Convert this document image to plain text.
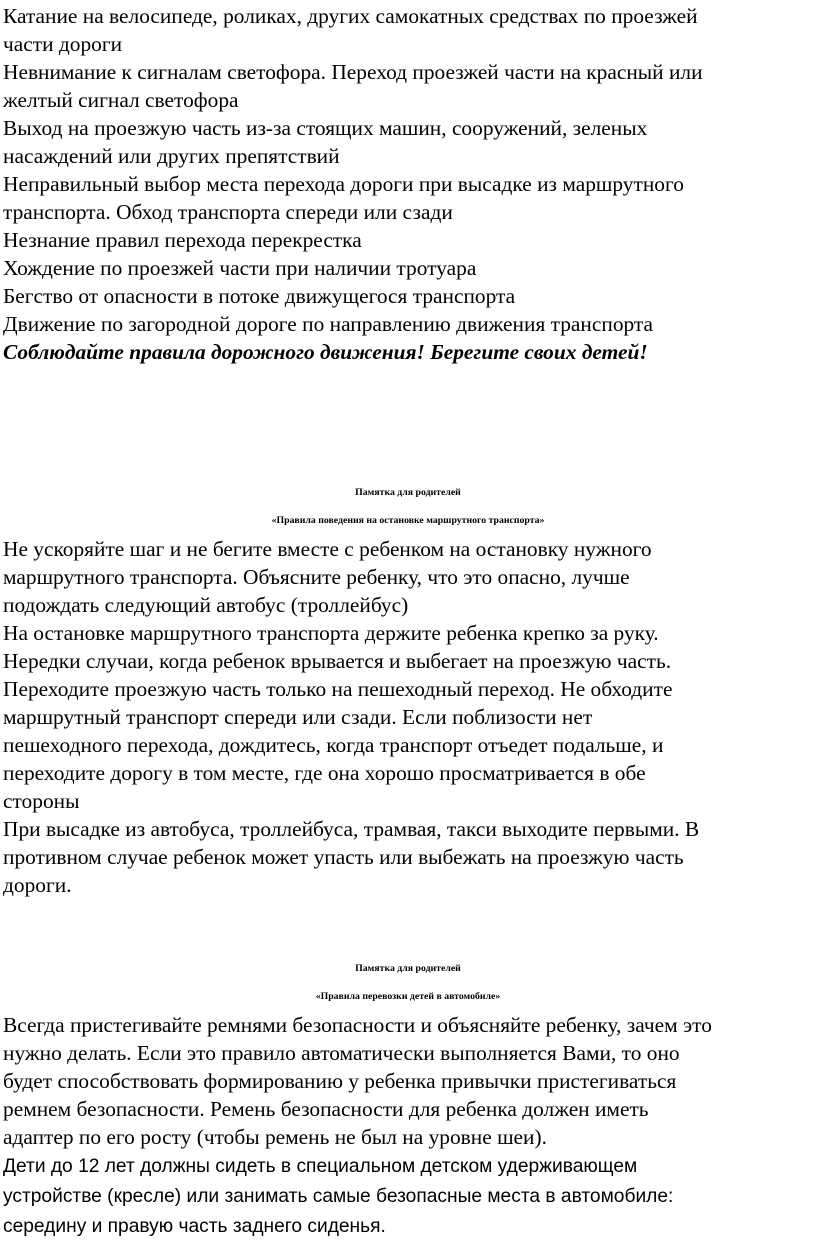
Катание на велосипеде, роликах, других самокатных средствах по проезжей

части дороги

Невнимание к сигналам светофора. Переход проезжей части на красный или

желтый сигнал светофора

Выход на проезжую часть из-за стоящих машин, сооружений, зеленых

насаждений или других препятствий

Неправильный выбор места перехода дороги при высадке из маршрутного

транспорта. Обход транспорта спереди или сзади

Незнание правил перехода перекрестка

Хождение по проезжей части при наличии тротуара

Бегство от опасности в потоке движущегося транспорта

Движение по загородной дороге по направлению движения транспорта

Соблюдайте правила дорожного движения! Берегите своих детей!

Памятка для родителей

«Правила поведения на остановке маршрутного транспорта»

Не ускоряйте шаг и не бегите вместе с ребенком на остановку нужного

маршрутного транспорта. Объясните ребенку, что это опасно, лучше

подождать следующий автобус (троллейбус)

На остановке маршрутного транспорта держите ребенка крепко за руку.

Нередки случаи, когда ребенок врывается и выбегает на проезжую часть.

Переходите проезжую часть только на пешеходный переход. Не обходите

маршрутный транспорт спереди или сзади. Если поблизости нет

пешеходного перехода, дождитесь, когда транспорт отъедет подальше, и

переходите дорогу в том месте, где она хорошо просматривается в обе

стороны

При высадке из автобуса, троллейбуса, трамвая, такси выходите первыми. В

противном случае ребенок может упасть или выбежать на проезжую часть

дороги.

Памятка для родителей

«Правила перевозки детей в автомобиле»

Всегда пристегивайте ремнями безопасности и объясняйте ребенку, зачем это

нужно делать. Если это правило автоматически выполняется Вами, то оно

будет способствовать формированию у ребенка привычки пристегиваться

ремнем безопасности. Ремень безопасности для ребенка должен иметь

адаптер по его росту (чтобы ремень не был на уровне шеи).

Дети до 12 лет должны сидеть в специальном детском удерживающем

устройстве (кресле) или занимать самые безопасные места в автомобиле:

середину и правую часть заднего сиденья.
